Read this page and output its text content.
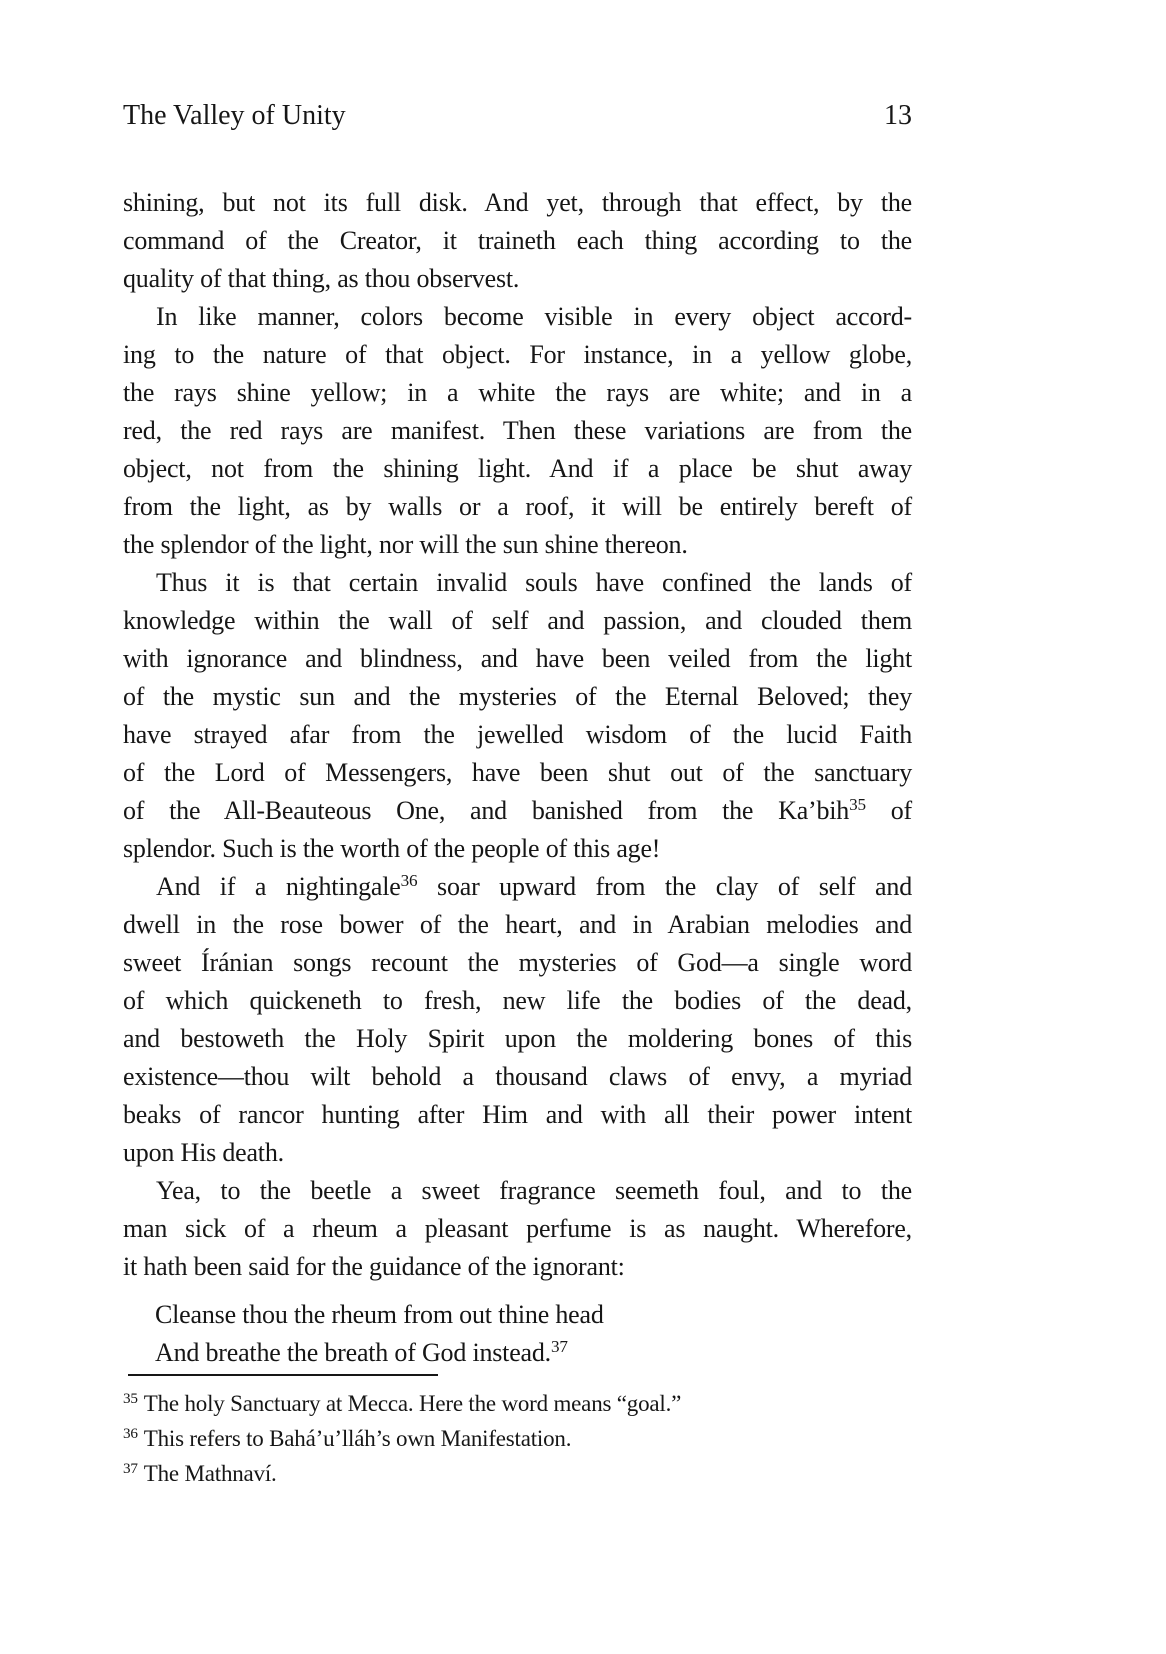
The Valley of Unity	13
shining, but not its full disk. And yet, through that effect, by the
command of the Creator, it traineth each thing according to the
quality of that thing, as thou observest.
In like manner, colors become visible in every object accord-
ing to the nature of that object. For instance, in a yellow globe,
the rays shine yellow; in a white the rays are white; and in a
red, the red rays are manifest. Then these variations are from the
object, not from the shining light. And if a place be shut away
from the light, as by walls or a roof, it will be entirely bereft of
the splendor of the light, nor will the sun shine thereon.
Thus it is that certain invalid souls have confined the lands of
knowledge within the wall of self and passion, and clouded them
with ignorance and blindness, and have been veiled from the light
of the mystic sun and the mysteries of the Eternal Beloved; they
have strayed afar from the jewelled wisdom of the lucid Faith
of the Lord of Messengers, have been shut out of the sanctuary
of the All-Beauteous One, and banished from the Ka’bih$^{35}$ of
splendor. Such is the worth of the people of this age!
And if a nightingale$^{36}$ soar upward from the clay of self and
dwell in the rose bower of the heart, and in Arabian melodies and
sweet Íránian songs recount the mysteries of God—a single word
of which quickeneth to fresh, new life the bodies of the dead,
and bestoweth the Holy Spirit upon the moldering bones of this
existence—thou wilt behold a thousand claws of envy, a myriad
beaks of rancor hunting after Him and with all their power intent
upon His death.
Yea, to the beetle a sweet fragrance seemeth foul, and to the
man sick of a rheum a pleasant perfume is as naught. Wherefore,
it hath been said for the guidance of the ignorant:
Cleanse thou the rheum from out thine head
And breathe the breath of God instead.$^{37}$
$^{35}$ The holy Sanctuary at Mecca. Here the word means “goal.”
$^{36}$ This refers to Bahá’u’lláh’s own Manifestation.
$^{37}$ The Mathnaví.
